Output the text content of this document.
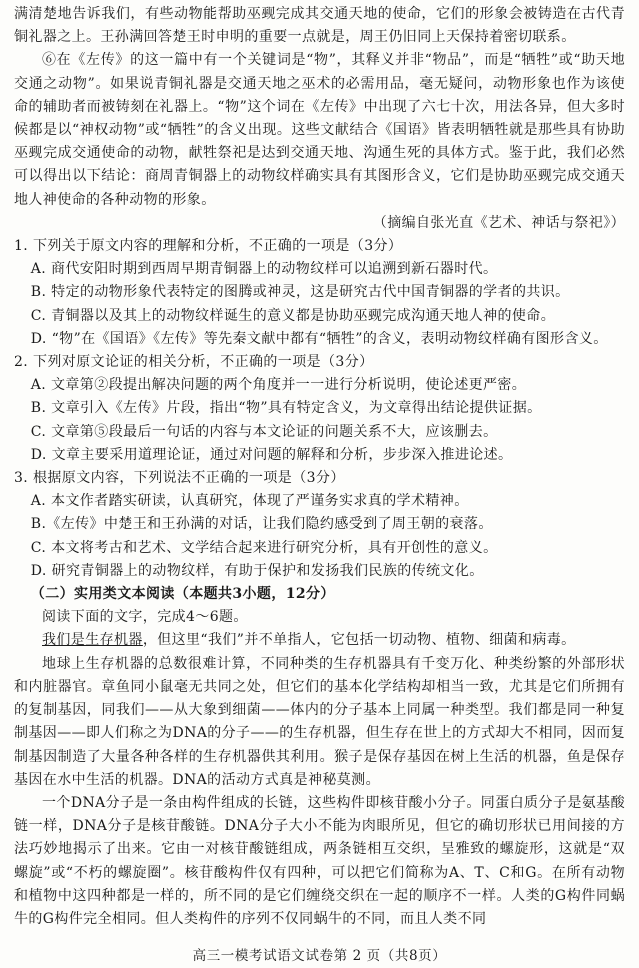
满清楚地告诉我们，有些动物能帮助巫觋完成其交通天地的使命，它们的形象会被铸造在古代青铜礼器之上。王孙满回答楚王时申明的重要一点就是，周王仍旧同上天保持着密切联系。

⑥在《左传》的这一篇中有一个关键词是“物”，其释义并非“物品”，而是“牺牲”或“助天地交通之动物”。如果说青铜礼器是交通天地之巫术的必需用品，毫无疑问，动物形象也作为该使命的辅助者而被铸刻在礼器上。“物”这个词在《左传》中出现了六七十次，用法各异，但大多时候都是以“神权动物”或“牺牲”的含义出现。这些文献结合《国语》皆表明牺牲就是那些具有协助巫觋完成交通使命的动物，献牲祭祀是达到交通天地、沟通生死的具体方式。鉴于此，我们必然可以得出以下结论：商周青铜器上的动物纹样确实具有其图形含义，它们是协助巫觋完成交通天地人神使命的各种动物的形象。

（摘编自张光直《艺术、神话与祭祀》）

1. 下列关于原文内容的理解和分析，不正确的一项是（3分）

A. 商代安阳时期到西周早期青铜器上的动物纹样可以追溯到新石器时代。

B. 特定的动物形象代表特定的图腾或神灵，这是研究古代中国青铜器的学者的共识。

C. 青铜器以及其上的动物纹样诞生的意义都是协助巫觋完成沟通天地人神的使命。

D. “物”在《国语》《左传》等先秦文献中都有“牺牲”的含义，表明动物纹样确有图形含义。

2. 下列对原文论证的相关分析，不正确的一项是（3分）

A. 文章第②段提出解决问题的两个角度并一一进行分析说明，使论述更严密。

B. 文章引入《左传》片段，指出“物”具有特定含义，为文章得出结论提供证据。

C. 文章第⑤段最后一句话的内容与本文论证的问题关系不大，应该删去。

D. 文章主要采用道理论证，通过对问题的解释和分析，步步深入推进论述。

3. 根据原文内容，下列说法不正确的一项是（3分）

A. 本文作者踏实研读，认真研究，体现了严谨务实求真的学术精神。

B.《左传》中楚王和王孙满的对话，让我们隐约感受到了周王朝的衰落。

C. 本文将考古和艺术、文学结合起来进行研究分析，具有开创性的意义。

D. 研究青铜器上的动物纹样，有助于保护和发扬我们民族的传统文化。

（二）实用类文本阅读（本题共3小题，12分）

阅读下面的文字，完成4～6题。

我们是生存机器，但这里“我们”并不单指人，它包括一切动物、植物、细菌和病毒。

地球上生存机器的总数很难计算，不同种类的生存机器具有千变万化、种类纷繁的外部形状和内脏器官。章鱼同小鼠毫无共同之处，但它们的基本化学结构却相当一致，尤其是它们所拥有的复制基因，同我们——从大象到细菌——体内的分子基本上同属一种类型。我们都是同一种复制基因——即人们称之为DNA的分子——的生存机器，但生存在世上的方式却大不相同，因而复制基因制造了大量各种各样的生存机器供其利用。猴子是保存基因在树上生活的机器，鱼是保存基因在水中生活的机器。DNA的活动方式真是神秘莫测。

一个DNA分子是一条由构件组成的长链，这些构件即核苷酸小分子。同蛋白质分子是氨基酸链一样，DNA分子是核苷酸链。DNA分子大小不能为肉眼所见，但它的确切形状已用间接的方法巧妙地揭示了出来。它由一对核苷酸链组成，两条链相互交织，呈雅致的螺旋形，这就是“双螺旋”或“不朽的螺旋圈”。核苷酸构件仅有四种，可以把它们简称为A、T、C和G。在所有动物和植物中这四种都是一样的，所不同的是它们缠绕交织在一起的顺序不一样。人类的G构件同蜗牛的G构件完全相同。但人类构件的序列不仅同蜗牛的不同，而且人类不同

高三一模考试语文试卷第 2 页（共8页）
